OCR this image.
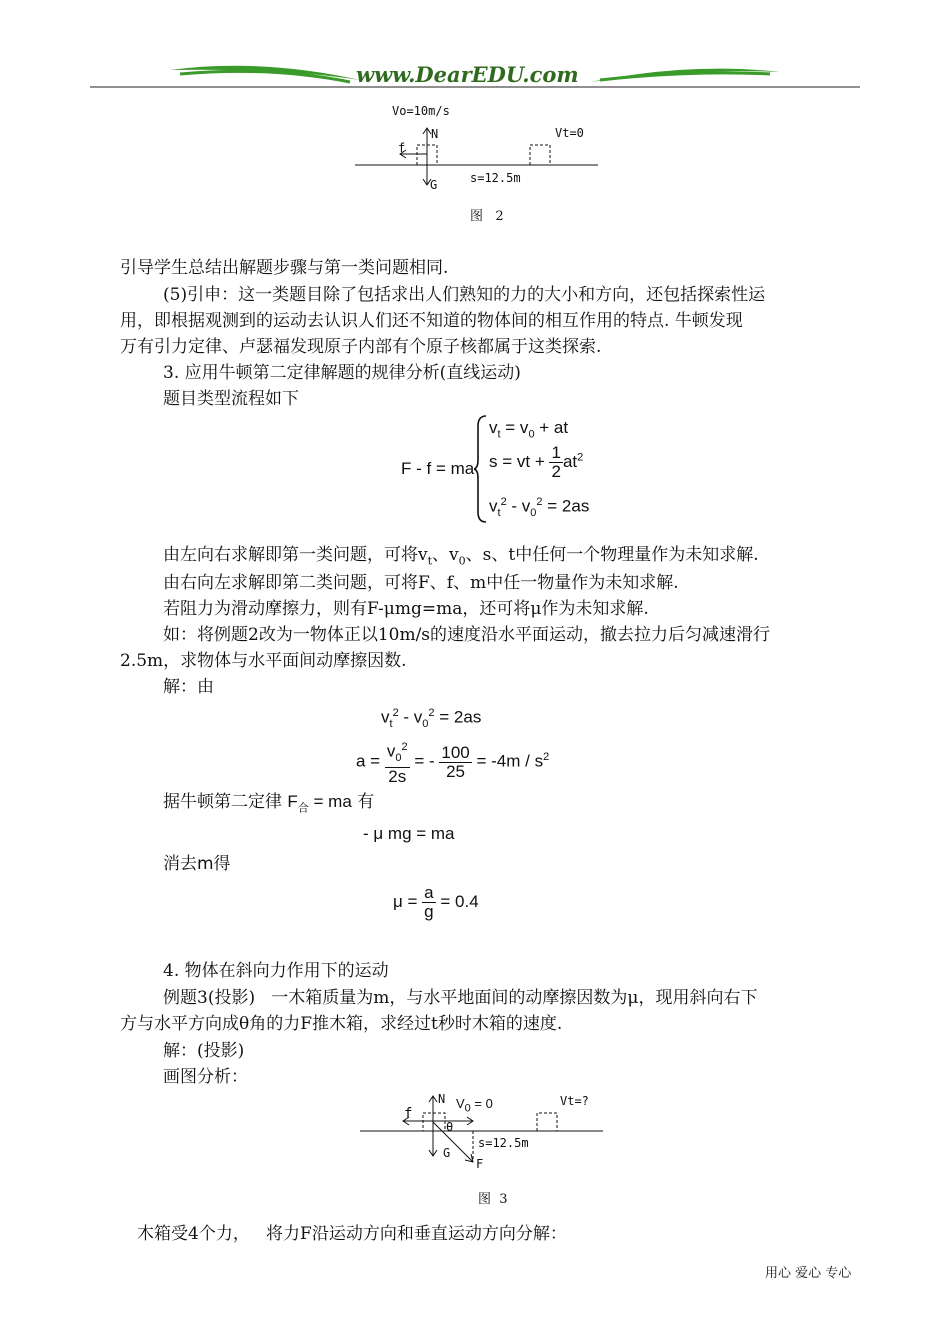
www.DearEDU.com
Vo=10m/s
N
f
G
Vt=0
s=12.5m
图   2
引导学生总结出解题步骤与第一类问题相同.
(5)引申：这一类题目除了包括求出人们熟知的力的大小和方向，还包括探索性运
用，即根据观测到的运动去认识人们还不知道的物体间的相互作用的特点. 牛顿发现
万有引力定律、卢瑟福发现原子内部有个原子核都属于这类探索.
3. 应用牛顿第二定律解题的规律分析(直线运动)
题目类型流程如下
F - f = ma
$v_t = v_0$ + at
s = vt + $\frac{1}{2} at^2$
$v_t^2 - v_0^2 = 2as$
由左向右求解即第一类问题，可将$v_t$、$v_0$、s、t中任何一个物理量作为未知求解.
由右向左求解即第二类问题，可将F、f、m中任一物量作为未知求解.
若阻力为滑动摩擦力，则有F-μmg=ma，还可将μ作为未知求解.
如：将例题2改为一物体正以10m/s的速度沿水平面运动，撤去拉力后匀减速滑行
2.5m，求物体与水平面间动摩擦因数.
解：由
$v_t^2 - v_0^2 = 2as$
$a = \frac{v_0^2}{2s}$ = - $\frac{100}{25} = -4m / s^2$
据牛顿第二定律 $F_合$ = ma 有
- μ mg = ma
消去m得
$\mu = \frac{a}{g} = 0.4$
4. 物体在斜向力作用下的运动
例题3(投影)   一木箱质量为m，与水平地面间的动摩擦因数为μ，现用斜向右下
方与水平方向成θ角的力F推木箱，求经过t秒时木箱的速度.
解：(投影)
画图分析：
N
f
$V_0 = 0$	Vt=?
θ
s=12.5m
G
F
图  3
木箱受4个力，   将力F沿运动方向和垂直运动方向分解：
用心 爱心 专心
